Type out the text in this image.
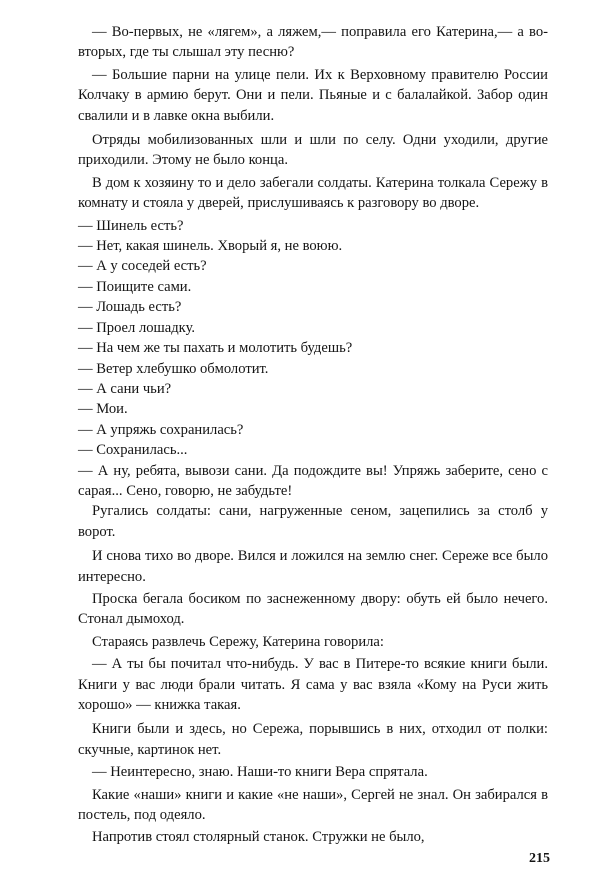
— Во-первых, не «лягем», а ляжем,— поправила его Катерина,— а во-вторых, где ты слышал эту песню?

— Большие парни на улице пели. Их к Верховному правителю России Колчаку в армию берут. Они и пели. Пьяные и с балалайкой. Забор один свалили и в лавке окна выбили.

Отряды мобилизованных шли и шли по селу. Одни уходили, другие приходили. Этому не было конца.

В дом к хозяину то и дело забегали солдаты. Катерина толкала Сережу в комнату и стояла у дверей, прислушиваясь к разговору во дворе.

— Шинель есть?

— Нет, какая шинель. Хворый я, не воюю.

— А у соседей есть?

— Поищите сами.

— Лошадь есть?

— Проел лошадку.

— На чем же ты пахать и молотить будешь?

— Ветер хлебушко обмолотит.

— А сани чьи?

— Мои.

— А упряжь сохранилась?

— Сохранилась...

— А ну, ребята, вывози сани. Да подождите вы! Упряжь заберите, сено с сарая... Сено, говорю, не забудьте!

Ругались солдаты: сани, нагруженные сеном, зацепились за столб у ворот.

И снова тихо во дворе. Вился и ложился на землю снег. Сереже все было интересно.

Проска бегала босиком по заснеженному двору: обуть ей было нечего. Стонал дымоход.

Стараясь развлечь Сережу, Катерина говорила:

— А ты бы почитал что-нибудь. У вас в Питере-то всякие книги были. Книги у вас люди брали читать. Я сама у вас взяла «Кому на Руси жить хорошо» — книжка такая.

Книги были и здесь, но Сережа, порывшись в них, отходил от полки: скучные, картинок нет.

— Неинтересно, знаю. Наши-то книги Вера спрятала.

Какие «наши» книги и какие «не наши», Сергей не знал. Он забирался в постель, под одеяло.

Напротив стоял столярный станок. Стружки не было,

215
